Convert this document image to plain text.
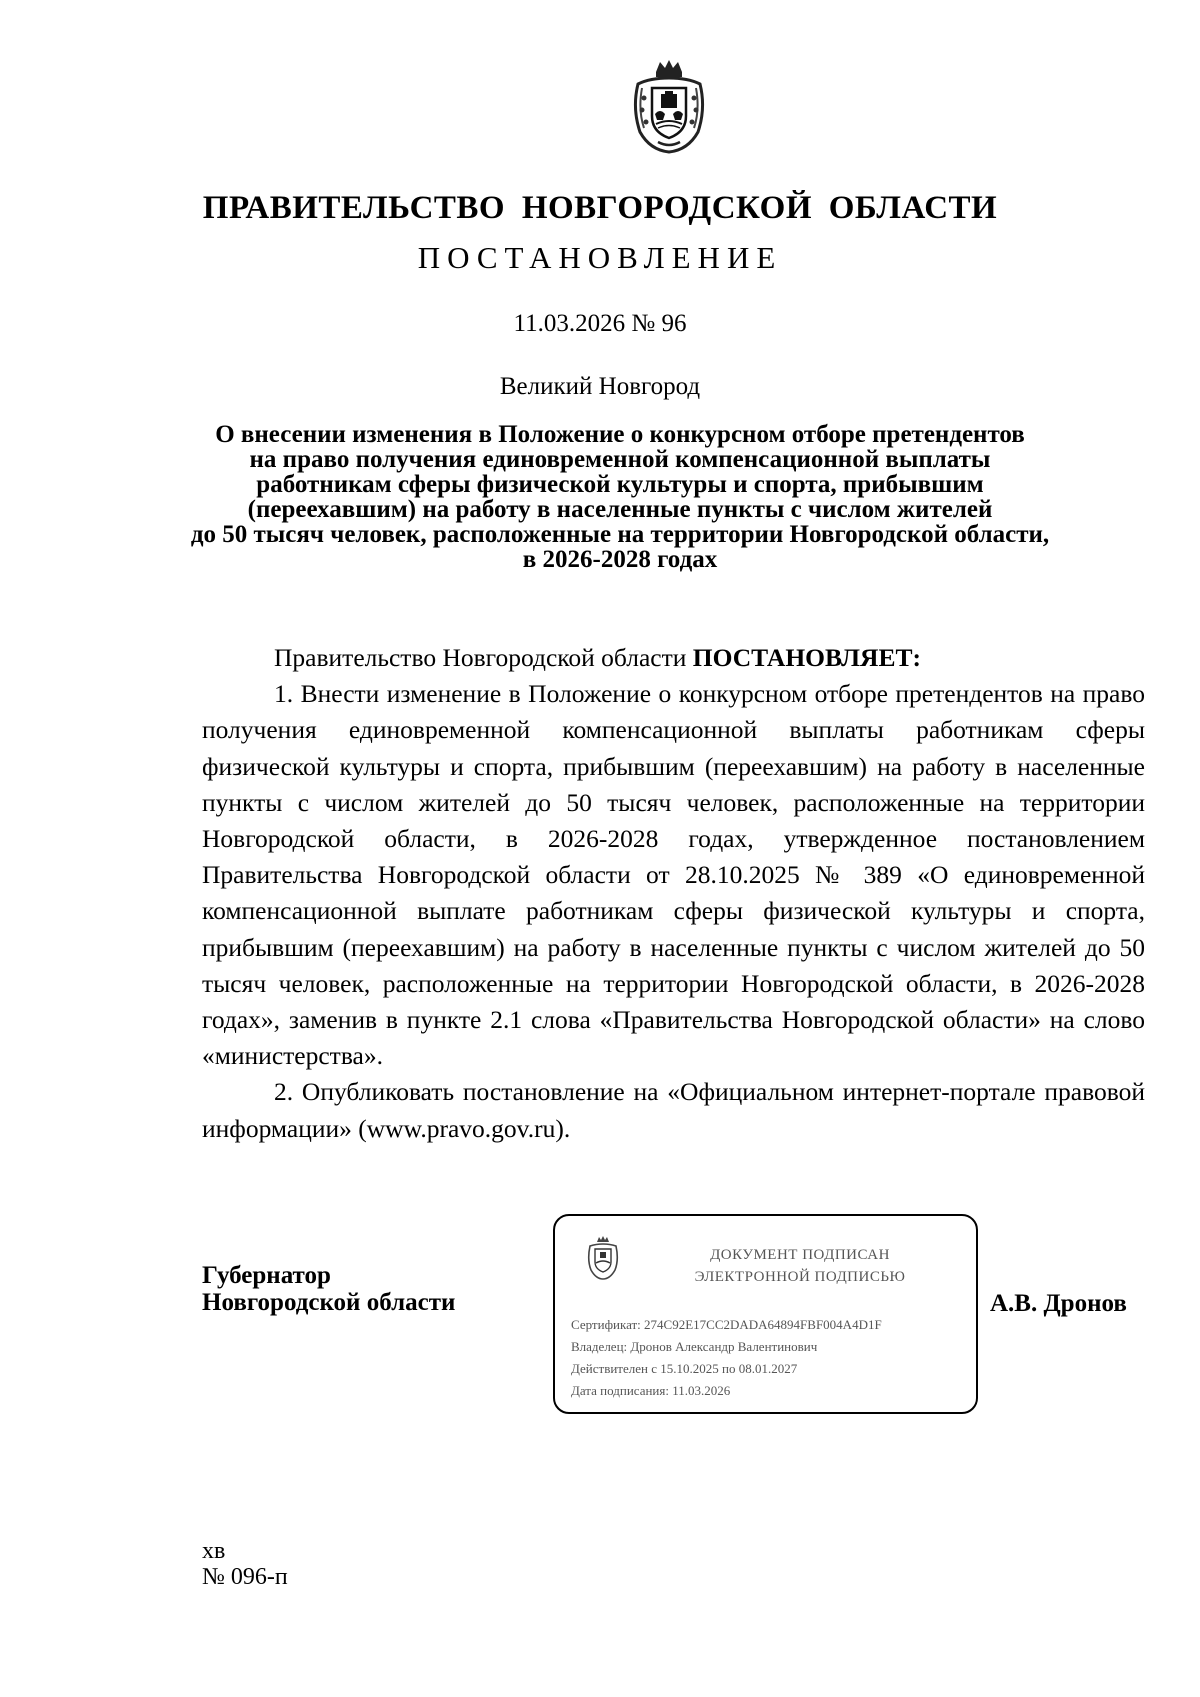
ПРАВИТЕЛЬСТВО НОВГОРОДСКОЙ ОБЛАСТИ
ПОСТАНОВЛЕНИЕ
11.03.2026 № 96
Великий Новгород
О внесении изменения в Положение о конкурсном отборе претендентов
на право получения единовременной компенсационной выплаты
работникам сферы физической культуры и спорта, прибывшим
(переехавшим) на работу в населенные пункты с числом жителей
до 50 тысяч человек, расположенные на территории Новгородской области,
в 2026-2028 годах

Правительство Новгородской области ПОСТАНОВЛЯЕТ:

1. Внести изменение в Положение о конкурсном отборе претендентов на право получения единовременной компенсационной выплаты работникам сферы физической культуры и спорта, прибывшим (переехавшим) на работу в населенные пункты с числом жителей до 50 тысяч человек, расположенные на территории Новгородской области, в 2026-2028 годах, утвержденное постановлением Правительства Новгородской области от 28.10.2025 № 389 «О единовременной компенсационной выплате работникам сферы физической культуры и спорта, прибывшим (переехавшим) на работу в населенные пункты с числом жителей до 50 тысяч человек, расположенные на территории Новгородской области, в 2026-2028 годах», заменив в пункте 2.1 слова «Правительства Новгородской области» на слово «министерства».

2. Опубликовать постановление на «Официальном интернет-портале правовой информации» (www.pravo.gov.ru).

Губернатор
Новгородской области
ДОКУМЕНТ ПОДПИСАН
ЭЛЕКТРОННОЙ ПОДПИСЬЮ
Сертификат: 274C92E17CC2DADA64894FBF004A4D1F
Владелец: Дронов Александр Валентинович
Действителен с 15.10.2025 по 08.01.2027
Дата подписания: 11.03.2026
А.В. Дронов
хв
№ 096-п
